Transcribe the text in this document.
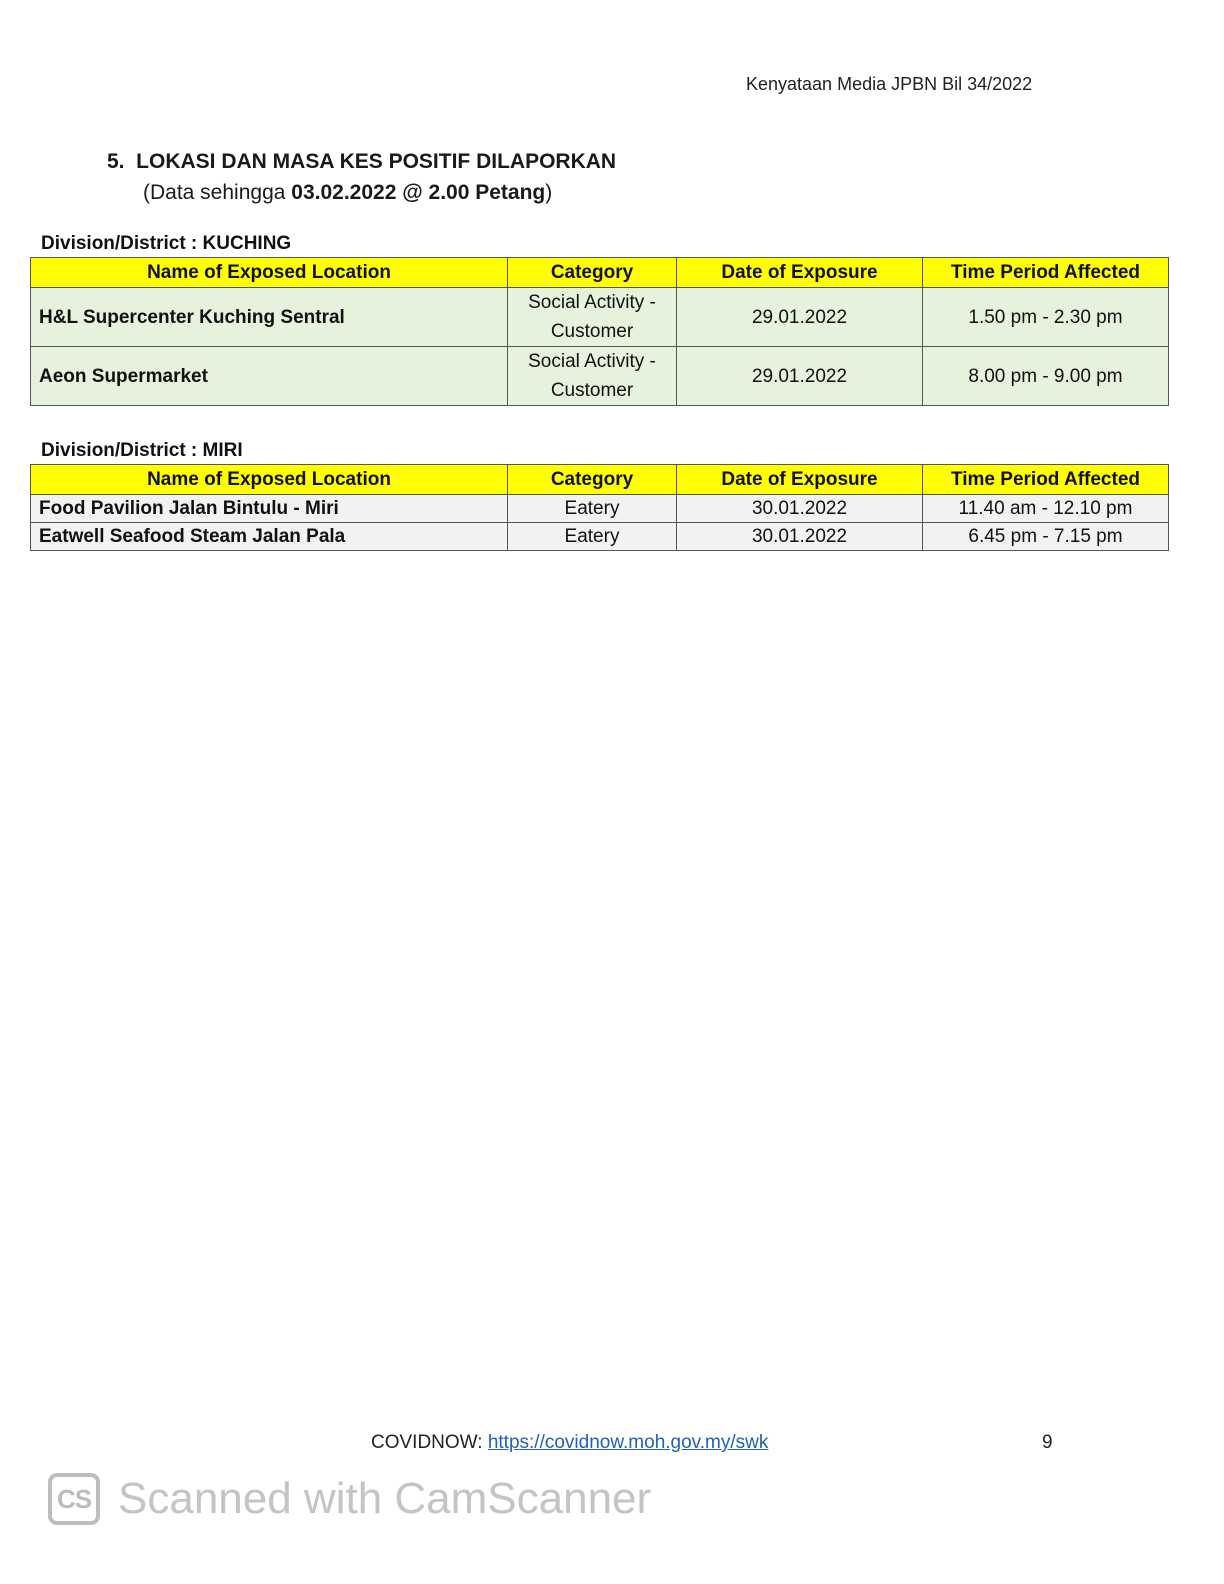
Kenyataan Media JPBN Bil 34/2022
5.  LOKASI DAN MASA KES POSITIF DILAPORKAN
(Data sehingga 03.02.2022 @ 2.00 Petang)
Division/District : KUCHING
Name of Exposed Location	Category	Date of Exposure	Time Period Affected
H&L Supercenter Kuching Sentral	Social Activity - Customer	29.01.2022	1.50 pm - 2.30 pm
Aeon Supermarket	Social Activity - Customer	29.01.2022	8.00 pm - 9.00 pm
Division/District : MIRI
Name of Exposed Location	Category	Date of Exposure	Time Period Affected
Food Pavilion Jalan Bintulu - Miri	Eatery	30.01.2022	11.40 am - 12.10 pm
Eatwell Seafood Steam Jalan Pala	Eatery	30.01.2022	6.45 pm - 7.15 pm
COVIDNOW: https://covidnow.moh.gov.my/swk	9
CS Scanned with CamScanner
